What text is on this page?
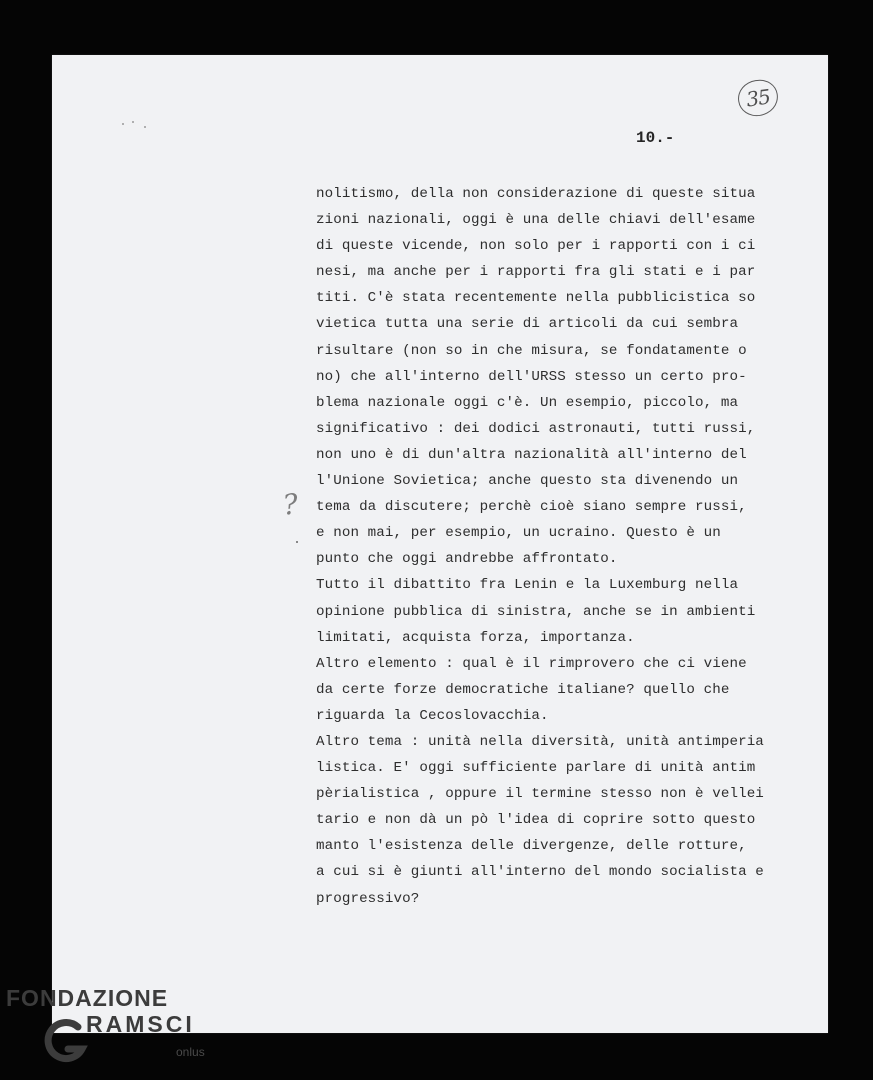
35
10.-
?
nolitismo, della non considerazione di queste situa
zioni nazionali, oggi è una delle chiavi dell'esame
di queste vicende, non solo per i rapporti con i ci
nesi, ma anche per i rapporti fra gli stati e i par
titi. C'è stata recentemente nella pubblicistica so
vietica tutta una serie di articoli da cui sembra
risultare (non so in che misura, se fondatamente o
no) che all'interno dell'URSS stesso un certo pro-
blema nazionale oggi c'è. Un esempio, piccolo, ma
significativo : dei dodici astronauti, tutti russi,
non uno è di dun'altra nazionalità all'interno del
l'Unione Sovietica; anche questo sta divenendo un
tema da discutere; perchè cioè siano sempre russi,
e non mai, per esempio, un ucraino. Questo è un
punto che oggi andrebbe affrontato.
Tutto il dibattito fra Lenin e la Luxemburg nella
opinione pubblica di sinistra, anche se in ambienti
limitati, acquista forza, importanza.
Altro elemento : qual è il rimprovero che ci viene
da certe forze democratiche italiane? quello che
riguarda la Cecoslovacchia.
Altro tema : unità nella diversità, unità antimperia
listica. E' oggi sufficiente parlare di unità antim
pèrialistica , oppure il termine stesso non è vellei
tario e non dà un pò l'idea di coprire sotto questo
manto l'esistenza delle divergenze, delle rotture,
a cui si è giunti all'interno del mondo socialista e
progressivo?
FONDAZIONE
RAMSCI
onlus
